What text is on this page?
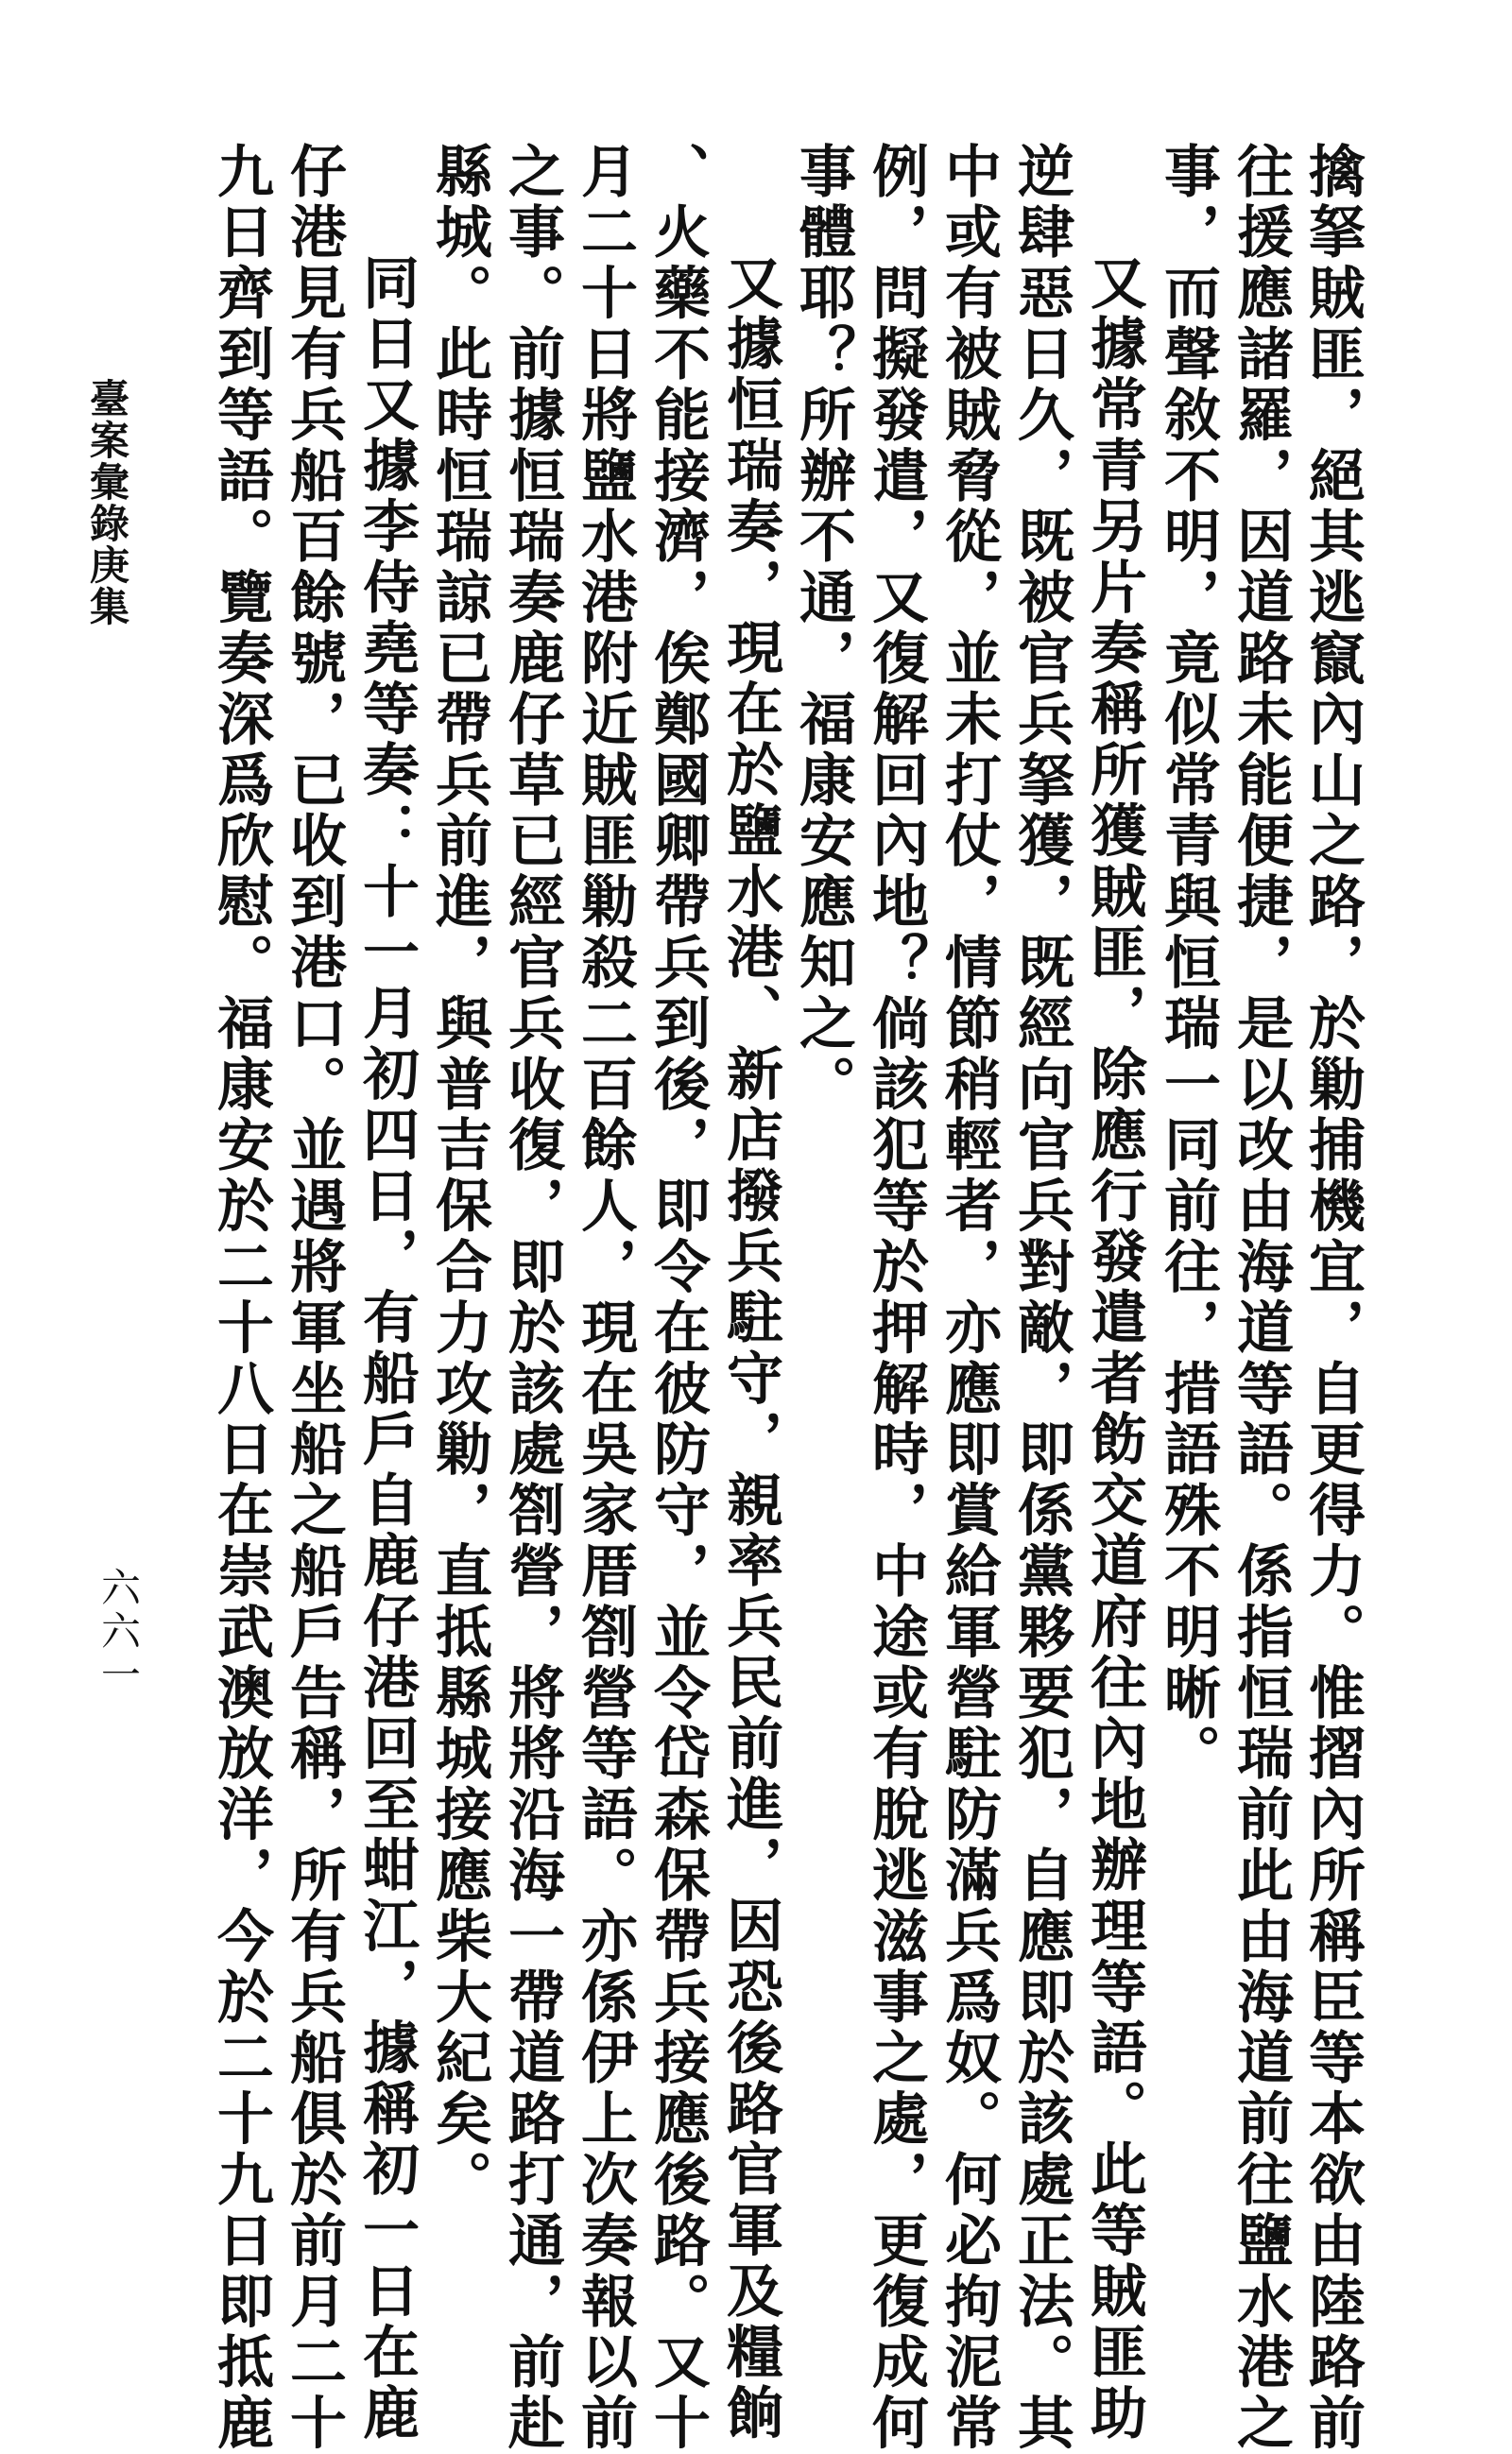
擒拏賊匪，絕其逃竄內山之路，於勦捕機宜，自更得力。惟摺內所稱臣等本欲由陸路前
往援應諸羅，因道路未能便捷，是以改由海道等語。係指恒瑞前此由海道前往鹽水港之
事，而聲敘不明，竟似常青與恒瑞一同前往，措語殊不明晰。
又據常青另片奏稱所獲賊匪，除應行發遣者飭交道府往內地辦理等語。此等賊匪助
逆肆惡日久，既被官兵拏獲，既經向官兵對敵，即係黨夥要犯，自應即於該處正法。其
中或有被賊脅從，並未打仗，情節稍輕者，亦應即賞給軍營駐防滿兵爲奴。何必拘泥常
例，問擬發遣，又復解回內地？倘該犯等於押解時，中途或有脫逃滋事之處，更復成何
事體耶？所辦不通，福康安應知之。
又據恒瑞奏，現在於鹽水港、新店撥兵駐守，親率兵民前進，因恐後路官軍及糧餉
、火藥不能接濟，俟鄭國卿帶兵到後，即令在彼防守，並令岱森保帶兵接應後路。又十
月二十日將鹽水港附近賊匪勦殺二百餘人，現在吳家厝劄營等語。亦係伊上次奏報以前
之事。前據恒瑞奏鹿仔草已經官兵收復，即於該處劄營，將將沿海一帶道路打通，前赴
縣城。此時恒瑞諒已帶兵前進，與普吉保合力攻勦，直抵縣城接應柴大紀矣。
同日又據李侍堯等奏：十一月初四日，有船戶自鹿仔港回至蚶江，據稱初一日在鹿
仔港見有兵船百餘號，已收到港口。並遇將軍坐船之船戶告稱，所有兵船俱於前月二十
九日齊到等語。覽奏深爲欣慰。福康安於二十八日在崇武澳放洋，今於二十九日即抵鹿
臺案彙錄庚集
六六一
